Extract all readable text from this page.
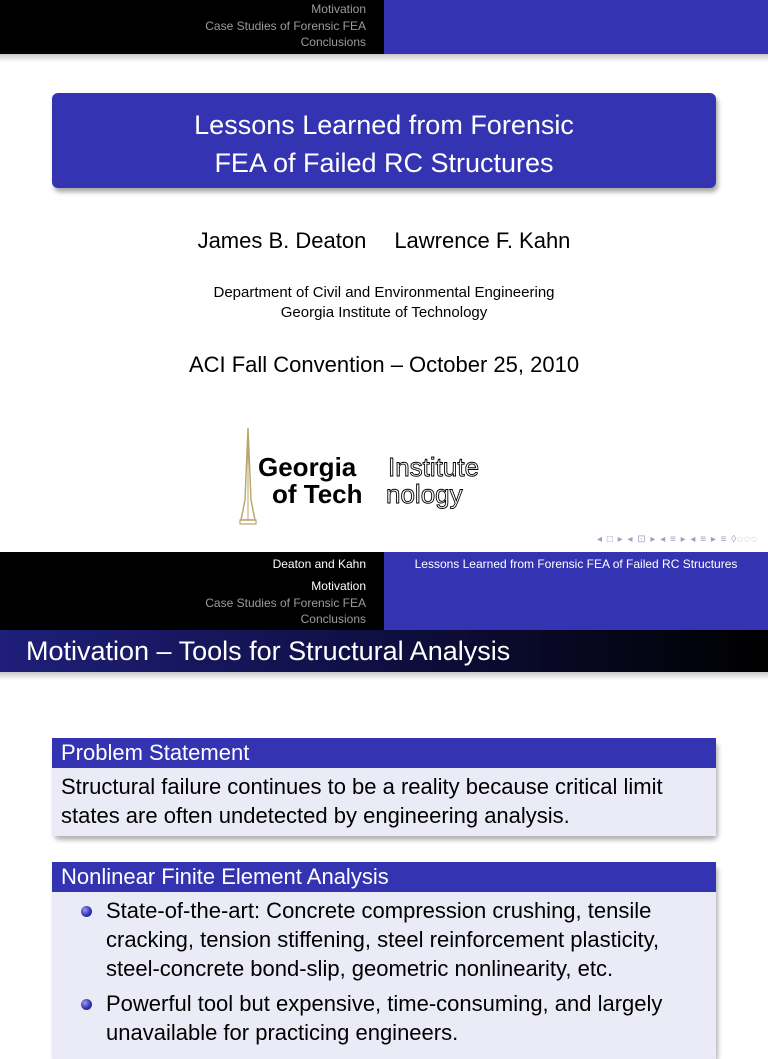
Motivation
Case Studies of Forensic FEA
Conclusions
Lessons Learned from Forensic
FEA of Failed RC Structures
James B. Deaton Lawrence F. Kahn
Department of Civil and Environmental Engineering
Georgia Institute of Technology
ACI Fall Convention – October 25, 2010
Georgia Institute
of Tech nology
◂ □ ▸ ◂ ⊡ ▸ ◂ ≡ ▸ ◂ ≡ ▸ ≡ ◊◌◌◌
Deaton and Kahn	Lessons Learned from Forensic FEA of Failed RC Structures
Motivation
Case Studies of Forensic FEA
Conclusions
Motivation – Tools for Structural Analysis
Problem Statement
Structural failure continues to be a reality because critical limit states are often undetected by engineering analysis.
Nonlinear Finite Element Analysis
State-of-the-art: Concrete compression crushing, tensile cracking, tension stiffening, steel reinforcement plasticity, steel-concrete bond-slip, geometric nonlinearity, etc.
Powerful tool but expensive, time-consuming, and largely unavailable for practicing engineers.
